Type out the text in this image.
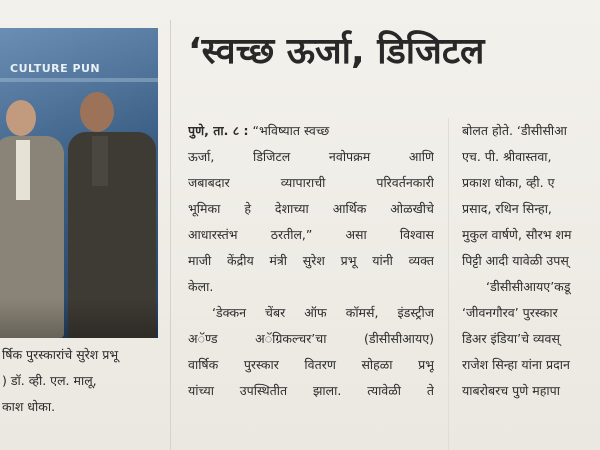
CULTURE PUN
र्षिक पुरस्कारांचे सुरेश प्रभू
) डॉ. व्ही. एल. मालू,
काश धोका.
‘स्वच्छ ऊर्जा, डिजिटल
पुणे, ता. ८ : “भविष्यात स्वच्छ
ऊर्जा, डिजिटल नवोपक्रम आणि
जबाबदार व्यापाराची परिवर्तनकारी
भूमिका हे देशाच्या आर्थिक ओळखीचे
आधारस्तंभ ठरतील,” असा विश्वास
माजी केंद्रीय मंत्री सुरेश प्रभू यांनी व्यक्त
केला.
‘डेक्कन चेंबर ऑफ कॉमर्स, इंडस्ट्रीज
अॅण्ड अॅग्रिकल्चर’चा (डीसीसीआयए)
वार्षिक पुरस्कार वितरण सोहळा प्रभू
यांच्या उपस्थितीत झाला. त्यावेळी ते
बोलत होते. ‘डीसीसीआ
एच. पी. श्रीवास्तवा,
प्रकाश धोका, व्ही. ए
प्रसाद, रथिन सिन्हा,
मुकुल वार्षणे, सौरभ शम
पिट्टी आदी यावेळी उपस्
‘डीसीसीआयए’कडू
‘जीवनगौरव’ पुरस्कार
डिअर इंडिया’चे व्यवस्
राजेश सिन्हा यांना प्रदान
याबरोबरच पुणे महापा
